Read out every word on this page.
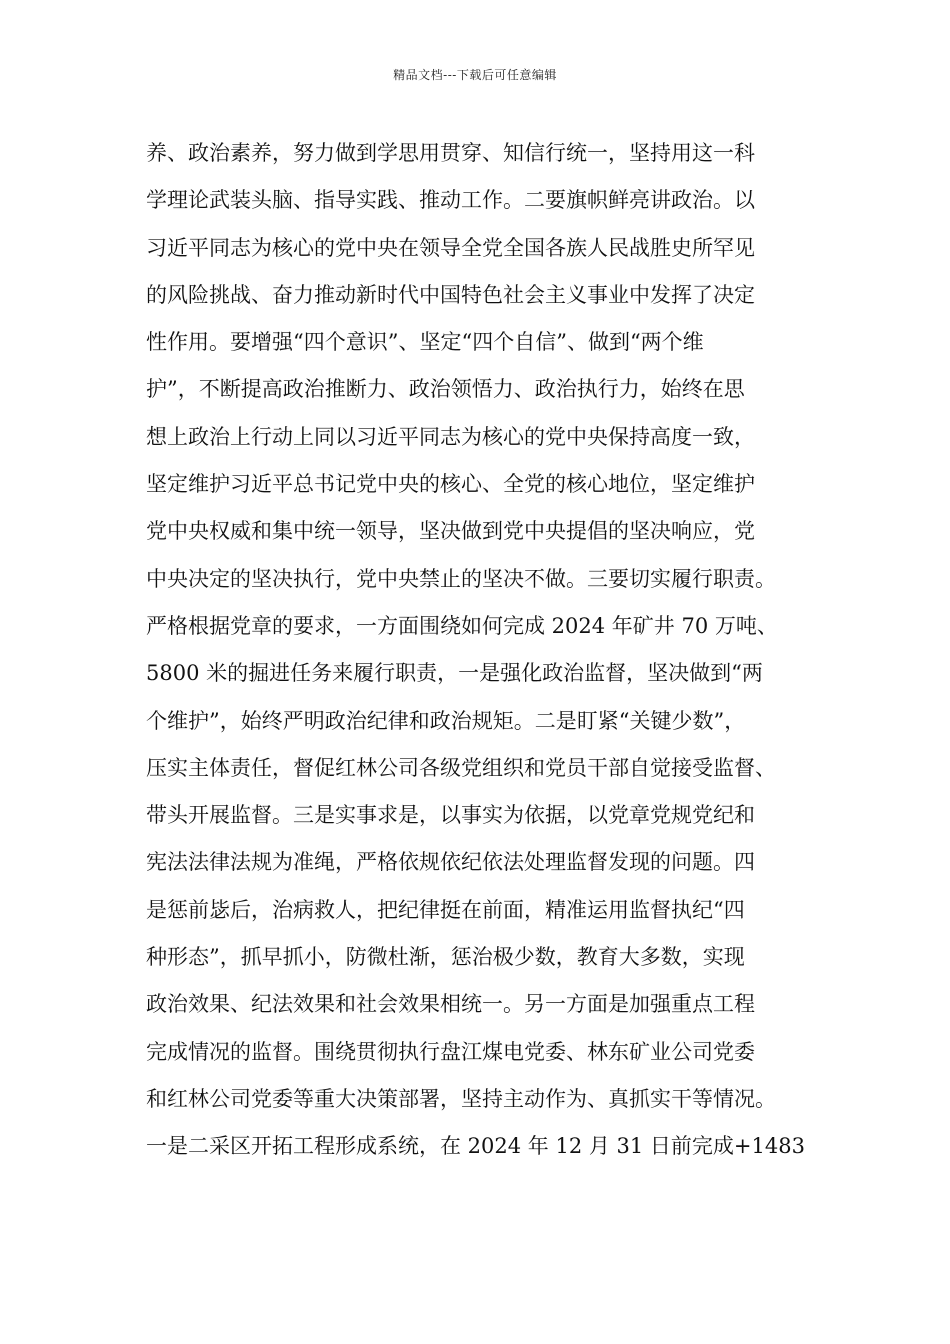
精品文档---下载后可任意编辑
养、政治素养，努力做到学思用贯穿、知信行统一，坚持用这一科
学理论武装头脑、指导实践、推动工作。二要旗帜鲜亮讲政治。以
习近平同志为核心的党中央在领导全党全国各族人民战胜史所罕见
的风险挑战、奋力推动新时代中国特色社会主义事业中发挥了决定
性作用。要增强“四个意识”、坚定“四个自信”、做到“两个维
护”，不断提高政治推断力、政治领悟力、政治执行力，始终在思
想上政治上行动上同以习近平同志为核心的党中央保持高度一致，
坚定维护习近平总书记党中央的核心、全党的核心地位，坚定维护
党中央权威和集中统一领导，坚决做到党中央提倡的坚决响应，党
中央决定的坚决执行，党中央禁止的坚决不做。三要切实履行职责。
严格根据党章的要求，一方面围绕如何完成 2024 年矿井 70 万吨、
5800 米的掘进任务来履行职责，一是强化政治监督，坚决做到“两
个维护”，始终严明政治纪律和政治规矩。二是盯紧“关键少数”，
压实主体责任，督促红林公司各级党组织和党员干部自觉接受监督、
带头开展监督。三是实事求是，以事实为依据，以党章党规党纪和
宪法法律法规为准绳，严格依规依纪依法处理监督发现的问题。四
是惩前毖后，治病救人，把纪律挺在前面，精准运用监督执纪“四
种形态”，抓早抓小，防微杜渐，惩治极少数，教育大多数，实现
政治效果、纪法效果和社会效果相统一。另一方面是加强重点工程
完成情况的监督。围绕贯彻执行盘江煤电党委、林东矿业公司党委
和红林公司党委等重大决策部署，坚持主动作为、真抓实干等情况。
一是二采区开拓工程形成系统，在 2024 年 12 月 31 日前完成+1483
